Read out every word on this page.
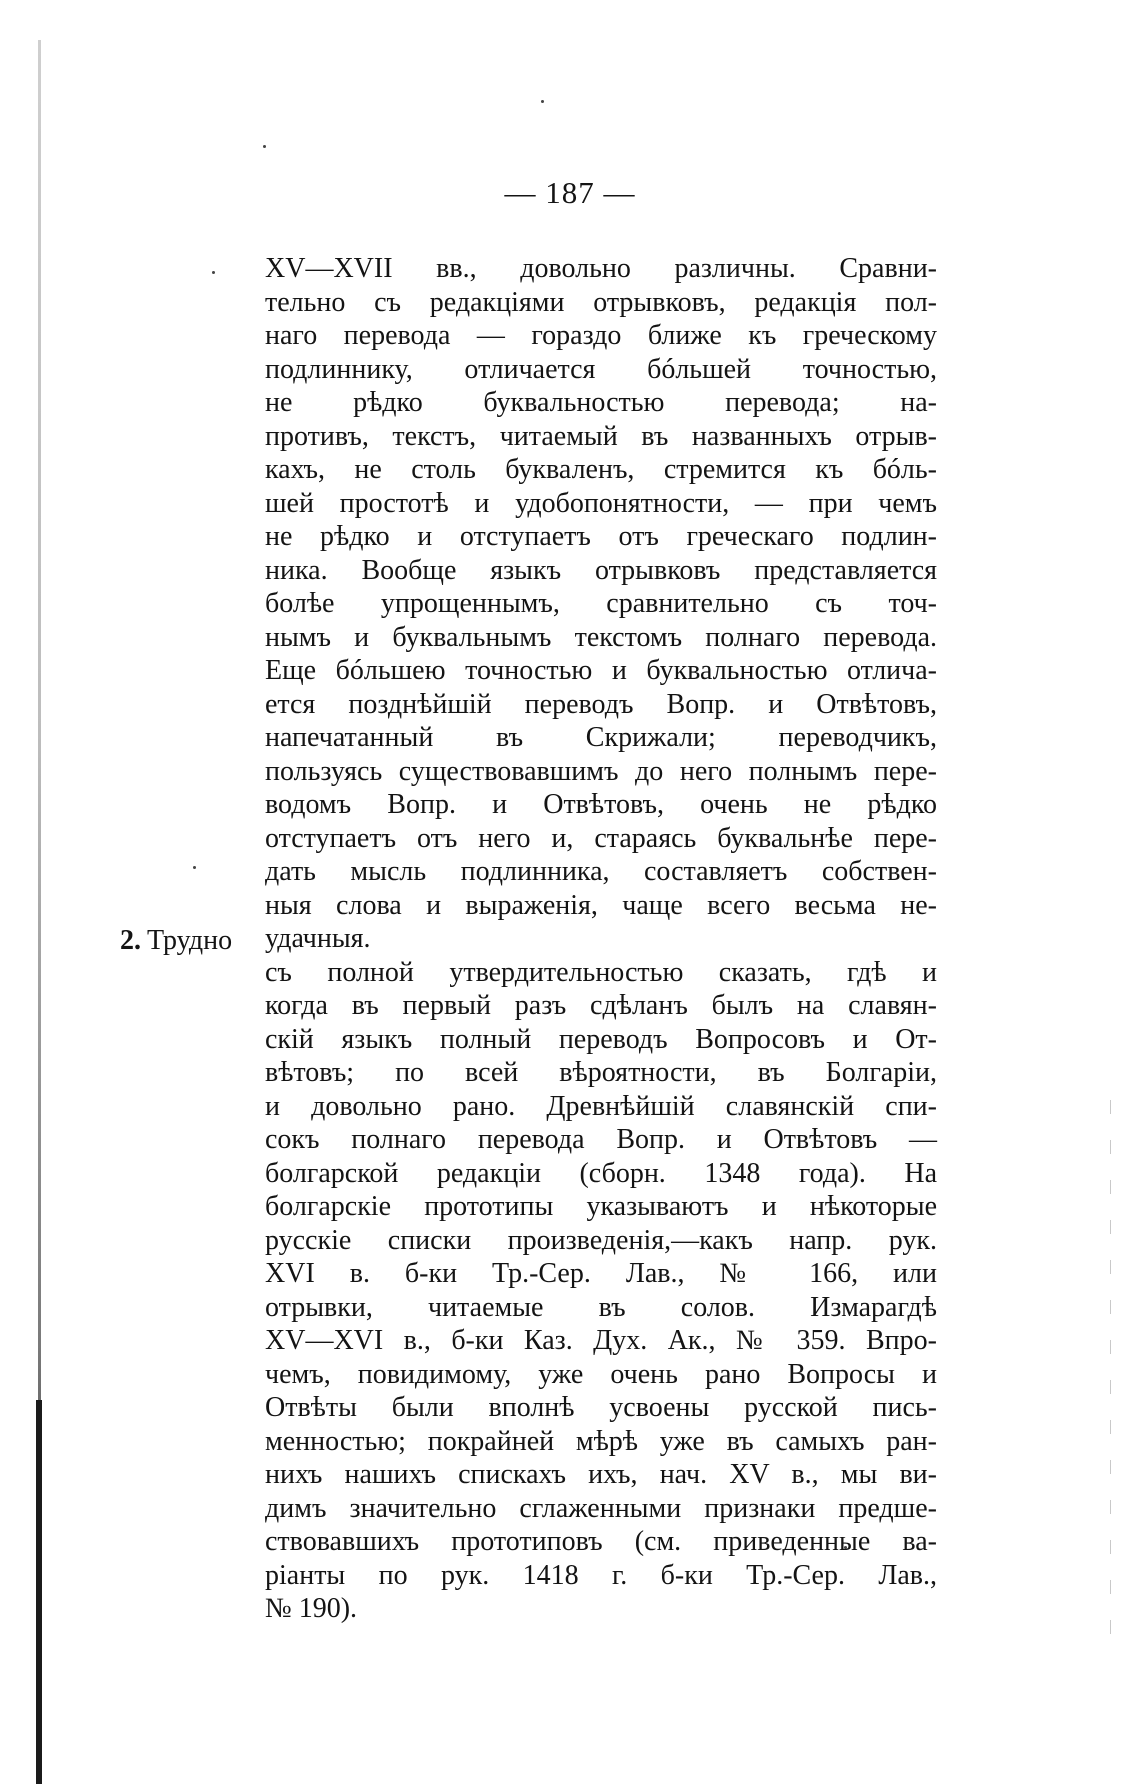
— 187 —
XV—XVII вв., довольно различны. Сравни-
тельно съ редакціями отрывковъ, редакція пол-
наго перевода — гораздо ближе къ греческому
подлиннику, отличается бóльшей точностью,
не рѣдко буквальностью перевода; на-
противъ, текстъ, читаемый въ названныхъ отрыв-
кахъ, не столь букваленъ, стремится къ бóль-
шей простотѣ и удобопонятности, — при чемъ
не рѣдко и отступаетъ отъ греческаго подлин-
ника. Вообще языкъ отрывковъ представляется
болѣе упрощеннымъ, сравнительно съ точ-
нымъ и буквальнымъ текстомъ полнаго перевода.
Еще бóльшею точностью и буквальностью отлича-
ется позднѣйшій переводъ Вопр. и Отвѣтовъ,
напечатанный въ Скрижали; переводчикъ,
пользуясь существовавшимъ до него полнымъ пере-
водомъ Вопр. и Отвѣтовъ, очень не рѣдко
отступаетъ отъ него и, стараясь буквальнѣе пере-
дать мысль подлинника, составляетъ собствен-
ныя слова и выраженія, чаще всего весьма не-
удачныя.
съ полной утвердительностью сказать, гдѣ и
когда въ первый разъ сдѣланъ былъ на славян-
скій языкъ полный переводъ Вопросовъ и От-
вѣтовъ; по всей вѣроятности, въ Болгаріи,
и довольно рано. Древнѣйшій славянскій спи-
сокъ полнаго перевода Вопр. и Отвѣтовъ —
болгарской редакціи (сборн. 1348 года). На
болгарскіе прототипы указываютъ и нѣкоторые
русскіе списки произведенія,—какъ напр. рук.
XVI в. б-ки Тр.-Сер. Лав., № 166, или
отрывки, читаемые въ солов. Измарагдѣ
XV—XVI в., б-ки Каз. Дух. Ак., № 359. Впро-
чемъ, повидимому, уже очень рано Вопросы и
Отвѣты были вполнѣ усвоены русской пись-
менностью; покрайней мѣрѣ уже въ самыхъ ран-
нихъ нашихъ спискахъ ихъ, нач. XV в., мы ви-
димъ значительно сглаженными признаки предше-
ствовавшихъ прототиповъ (см. приведенные ва-
ріанты по рук. 1418 г. б-ки Тр.-Сер. Лав.,
№ 190).
2. Трудно
